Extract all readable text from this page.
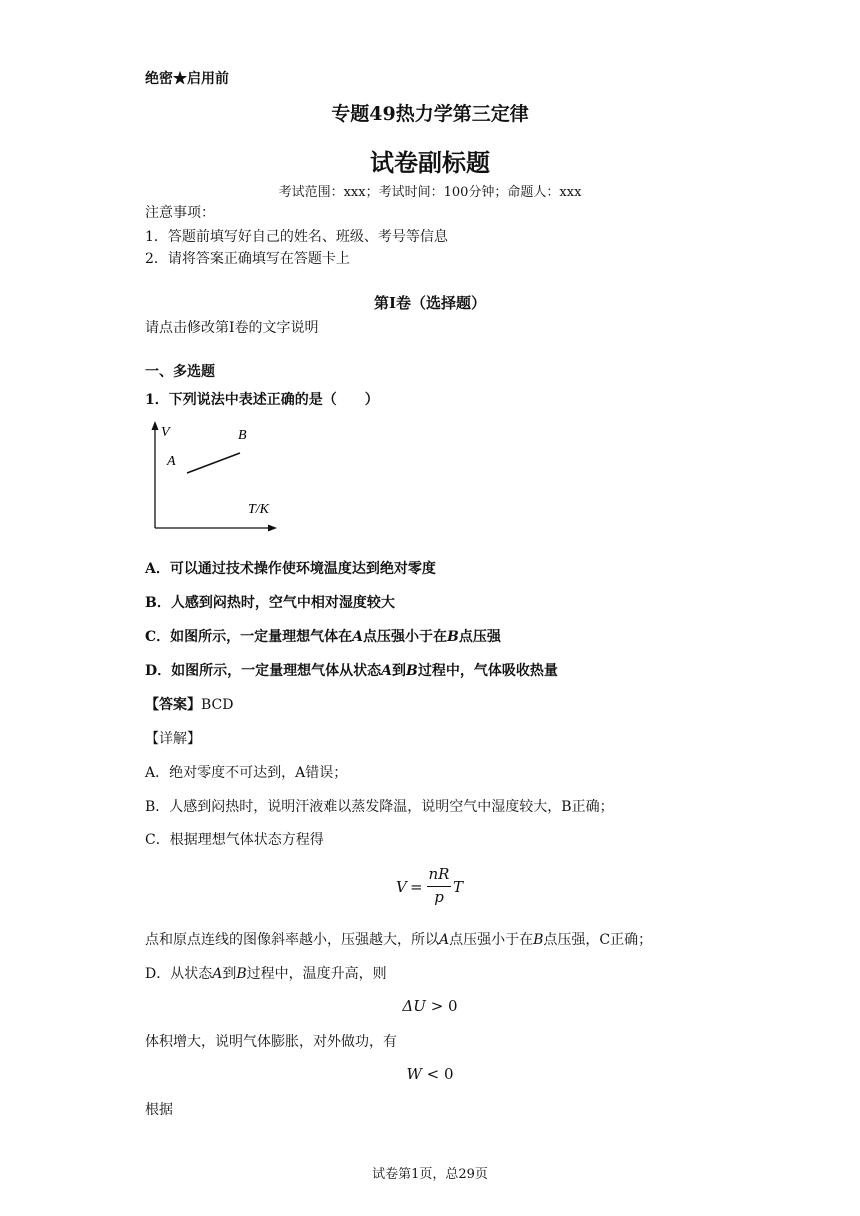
绝密★启用前
专题49热力学第三定律
试卷副标题
考试范围：xxx；考试时间：100分钟；命题人：xxx
注意事项：
1．答题前填写好自己的姓名、班级、考号等信息
2．请将答案正确填写在答题卡上
第I卷（选择题）
请点击修改第I卷的文字说明
一、多选题
1．下列说法中表述正确的是（　　）
V
T/K
A
B
A．可以通过技术操作使环境温度达到绝对零度
B．人感到闷热时，空气中相对湿度较大
C．如图所示，一定量理想气体在A点压强小于在B点压强
D．如图所示，一定量理想气体从状态A到B过程中，气体吸收热量
【答案】BCD
【详解】
A．绝对零度不可达到，A错误；
B．人感到闷热时，说明汗液难以蒸发降温，说明空气中湿度较大，B正确；
C．根据理想气体状态方程得
V =
nR
p
T
点和原点连线的图像斜率越小，压强越大，所以A点压强小于在B点压强，C正确；
D．从状态A到B过程中，温度升高，则
ΔU > 0
体积增大，说明气体膨胀，对外做功，有
W < 0
根据
试卷第1页，总29页
